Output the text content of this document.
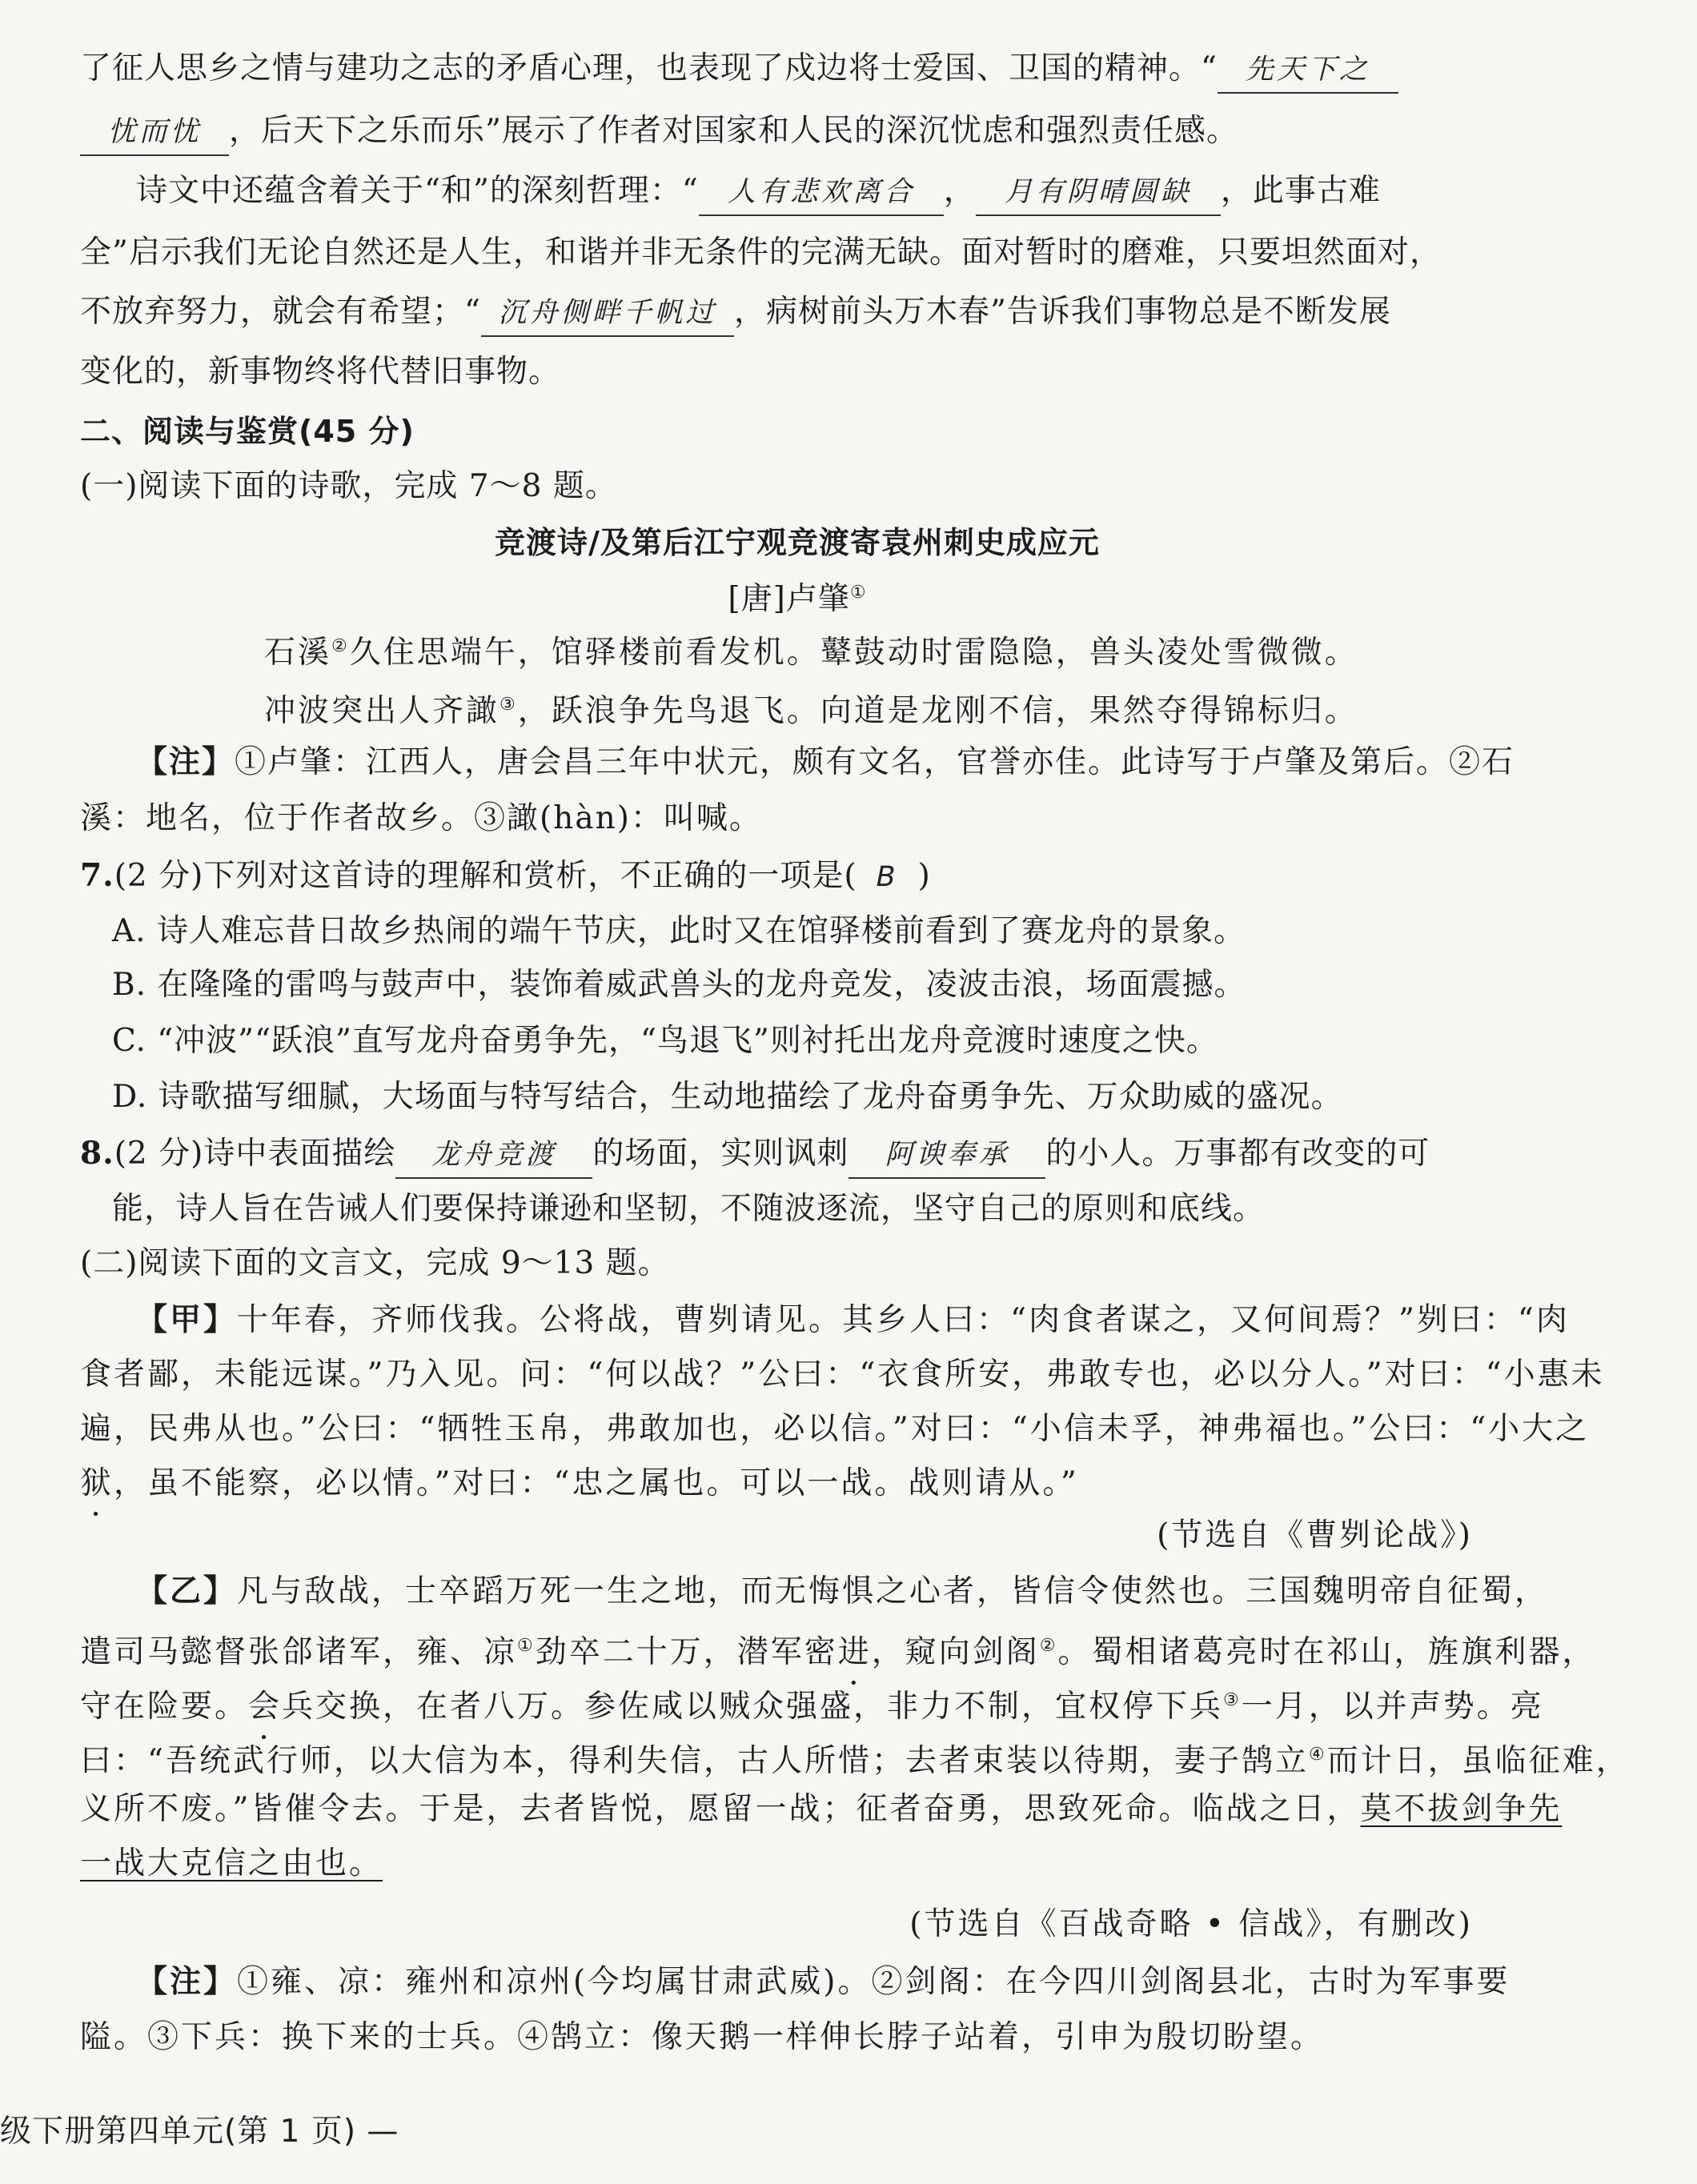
了征人思乡之情与建功之志的矛盾心理，也表现了戍边将士爱国、卫国的精神。“ 先天下之
忧而忧 ，后天下之乐而乐”展示了作者对国家和人民的深沉忧虑和强烈责任感。
诗文中还蕴含着关于“和”的深刻哲理：“ 人有悲欢离合 ， 月有阴晴圆缺 ，此事古难
全”启示我们无论自然还是人生，和谐并非无条件的完满无缺。面对暂时的磨难，只要坦然面对，
不放弃努力，就会有希望；“ 沉舟侧畔千帆过 ，病树前头万木春”告诉我们事物总是不断发展
变化的，新事物终将代替旧事物。
二、阅读与鉴赏(45 分)
(一)阅读下面的诗歌，完成 7～8 题。
竞渡诗/及第后江宁观竞渡寄袁州刺史成应元
[唐]卢肇①
石溪②久住思端午，馆驿楼前看发机。鼙鼓动时雷隐隐，兽头凌处雪微微。
冲波突出人齐譀③，跃浪争先鸟退飞。向道是龙刚不信，果然夺得锦标归。
【注】①卢肇：江西人，唐会昌三年中状元，颇有文名，官誉亦佳。此诗写于卢肇及第后。②石
溪：地名，位于作者故乡。③譀(hàn)：叫喊。
7.(2 分)下列对这首诗的理解和赏析，不正确的一项是( B )
A. 诗人难忘昔日故乡热闹的端午节庆，此时又在馆驿楼前看到了赛龙舟的景象。
B. 在隆隆的雷鸣与鼓声中，装饰着威武兽头的龙舟竞发，凌波击浪，场面震撼。
C. “冲波”“跃浪”直写龙舟奋勇争先，“鸟退飞”则衬托出龙舟竞渡时速度之快。
D. 诗歌描写细腻，大场面与特写结合，生动地描绘了龙舟奋勇争先、万众助威的盛况。
8.(2 分)诗中表面描绘 龙舟竞渡 的场面，实则讽刺 阿谀奉承 的小人。万事都有改变的可
能，诗人旨在告诫人们要保持谦逊和坚韧，不随波逐流，坚守自己的原则和底线。
(二)阅读下面的文言文，完成 9～13 题。
【甲】十年春，齐师伐我。公将战，曹刿请见。其乡人曰：“肉食者谋之，又何间焉？”刿曰：“肉
食者鄙，未能远谋。”乃入见。问：“何以战？”公曰：“衣食所安，弗敢专也，必以分人。”对曰：“小惠未
遍，民弗从也。”公曰：“牺牲玉帛，弗敢加也，必以信。”对曰：“小信未孚，神弗福也。”公曰：“小大之
狱，虽不能察，必以情。”对曰：“忠之属也。可以一战。战则请从。”
(节选自《曹刿论战》)
【乙】凡与敌战，士卒蹈万死一生之地，而无悔惧之心者，皆信令使然也。三国魏明帝自征蜀，
遣司马懿督张郃诸军，雍、凉①劲卒二十万，潜军密进，窥向剑阁②。蜀相诸葛亮时在祁山，旌旗利器，
守在险要。会兵交换，在者八万。参佐咸以贼众强盛，非力不制，宜权停下兵③一月，以并声势。亮
曰：“吾统武行师，以大信为本，得利失信，古人所惜；去者束装以待期，妻子鹄立④而计日，虽临征难，
义所不废。”皆催令去。于是，去者皆悦，愿留一战；征者奋勇，思致死命。临战之日，莫不拔剑争先
一战大克信之由也。
(节选自《百战奇略 • 信战》，有删改)
【注】①雍、凉：雍州和凉州(今均属甘肃武威)。②剑阁：在今四川剑阁县北，古时为军事要
隘。③下兵：换下来的士兵。④鹄立：像天鹅一样伸长脖子站着，引申为殷切盼望。
级下册第四单元(第 1 页) —
